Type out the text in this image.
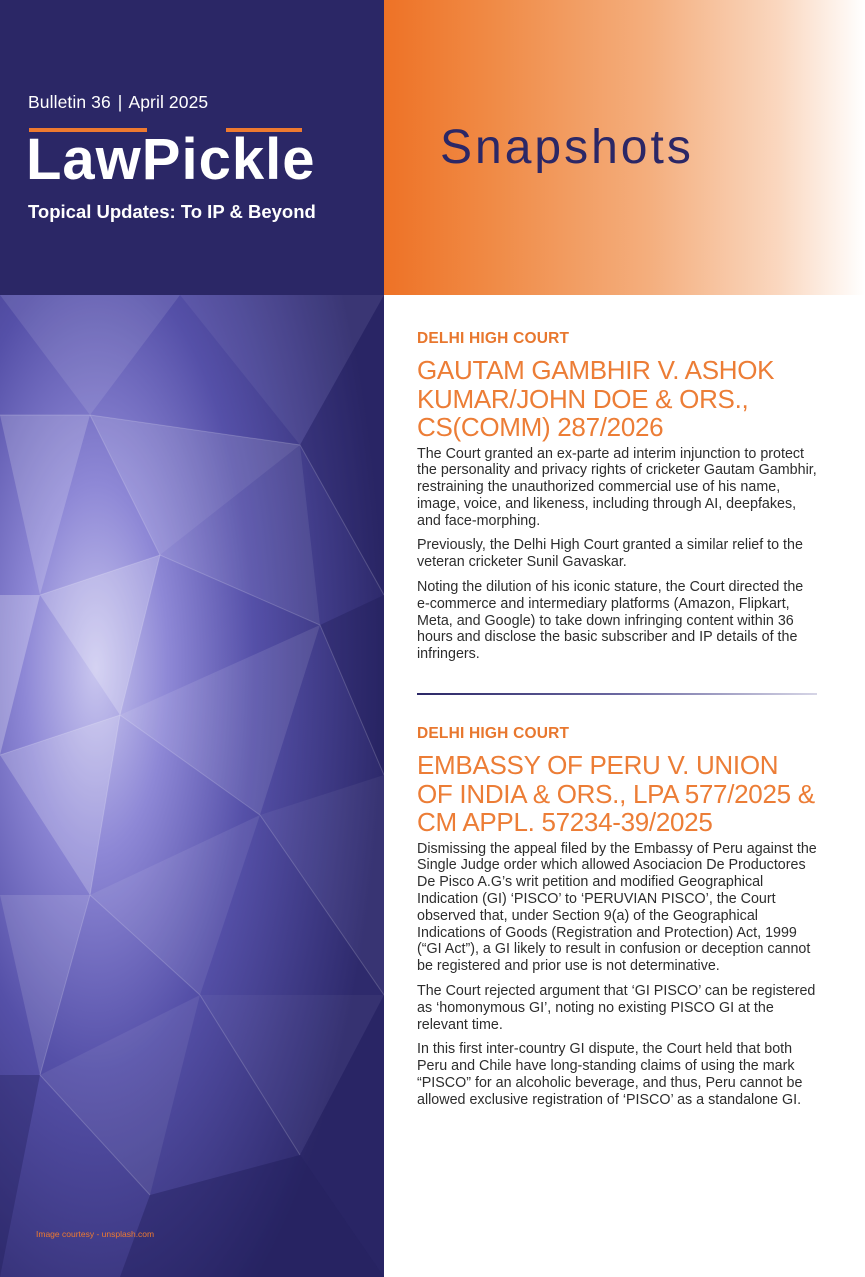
Bulletin 36 | April 2025
LawPickle
Topical Updates: To IP & Beyond
Snapshots
Image courtesy - unsplash.com
DELHI HIGH COURT
GAUTAM GAMBHIR V. ASHOK KUMAR/JOHN DOE & ORS., CS(COMM) 287/2026

The Court granted an ex-parte ad interim injunction to protect the personality and privacy rights of cricketer Gautam Gambhir, restraining the unauthorized commercial use of his name, image, voice, and likeness, including through AI, deepfakes, and face-morphing.

Previously, the Delhi High Court granted a similar relief to the veteran cricketer Sunil Gavaskar.

Noting the dilution of his iconic stature, the Court directed the e-commerce and intermediary platforms (Amazon, Flipkart, Meta, and Google) to take down infringing content within 36 hours and disclose the basic subscriber and IP details of the infringers.

DELHI HIGH COURT
EMBASSY OF PERU V. UNION OF INDIA & ORS., LPA 577/2025 & CM APPL. 57234-39/2025

Dismissing the appeal filed by the Embassy of Peru against the Single Judge order which allowed Asociacion De Productores De Pisco A.G’s writ petition and modified Geographical Indication (GI) ‘PISCO’ to ‘PERUVIAN PISCO’, the Court observed that, under Section 9(a) of the Geographical Indications of Goods (Registration and Protection) Act, 1999 (“GI Act”), a GI likely to result in confusion or deception cannot be registered and prior use is not determinative.

The Court rejected argument that ‘GI PISCO’ can be registered as ‘homonymous GI’, noting no existing PISCO GI at the relevant time.

In this first inter-country GI dispute, the Court held that both Peru and Chile have long-standing claims of using the mark “PISCO” for an alcoholic beverage, and thus, Peru cannot be allowed exclusive registration of ‘PISCO’ as a standalone GI.
